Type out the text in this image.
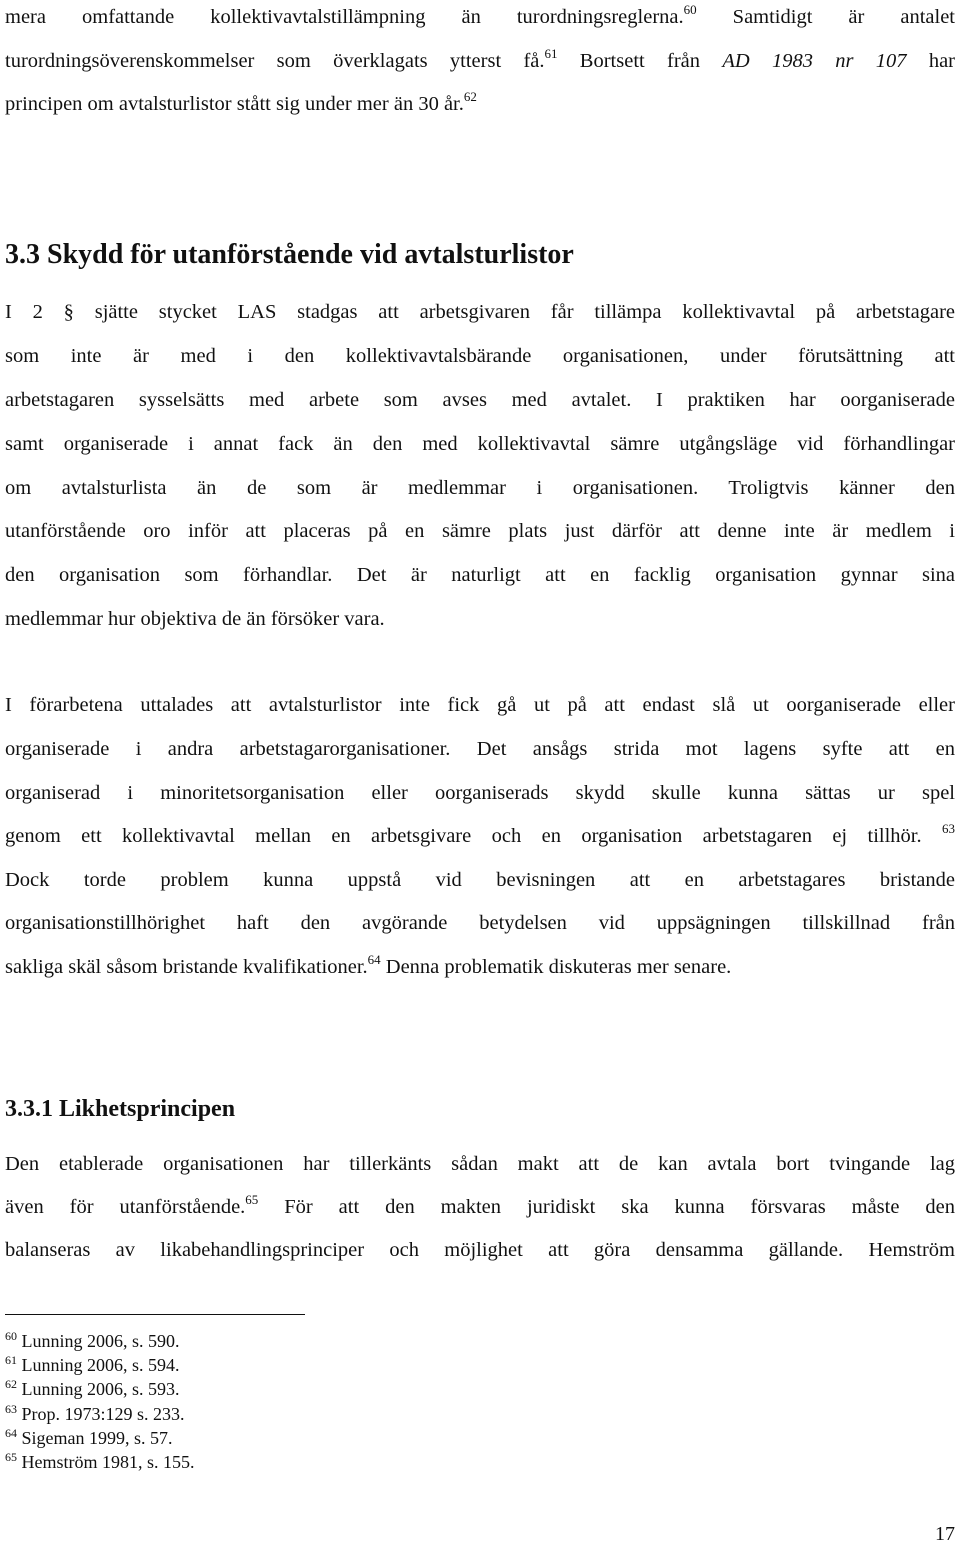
mera omfattande kollektivavtalstillämpning än turordningsreglerna.$^{60}$ Samtidigt är antalet
turordningsöverenskommelser som överklagats ytterst få.$^{61}$ Bortsett från AD 1983 nr 107 har
principen om avtalsturlistor stått sig under mer än 30 år.$^{62}$
3.3 Skydd för utanförstående vid avtalsturlistor
I 2 § sjätte stycket LAS stadgas att arbetsgivaren får tillämpa kollektivavtal på arbetstagare
som inte är med i den kollektivavtalsbärande organisationen, under förutsättning att
arbetstagaren sysselsätts med arbete som avses med avtalet. I praktiken har oorganiserade
samt organiserade i annat fack än den med kollektivavtal sämre utgångsläge vid förhandlingar
om avtalsturlista än de som är medlemmar i organisationen. Troligtvis känner den
utanförstående oro inför att placeras på en sämre plats just därför att denne inte är medlem i
den organisation som förhandlar. Det är naturligt att en facklig organisation gynnar sina
medlemmar hur objektiva de än försöker vara.
I förarbetena uttalades att avtalsturlistor inte fick gå ut på att endast slå ut oorganiserade eller
organiserade i andra arbetstagarorganisationer. Det ansågs strida mot lagens syfte att en
organiserad i minoritetsorganisation eller oorganiserads skydd skulle kunna sättas ur spel
genom ett kollektivavtal mellan en arbetsgivare och en organisation arbetstagaren ej tillhör. $^{63}$
Dock torde problem kunna uppstå vid bevisningen att en arbetstagares bristande
organisationstillhörighet haft den avgörande betydelsen vid uppsägningen tillskillnad från
sakliga skäl såsom bristande kvalifikationer.$^{64}$ Denna problematik diskuteras mer senare.
3.3.1 Likhetsprincipen
Den etablerade organisationen har tillerkänts sådan makt att de kan avtala bort tvingande lag
även för utanförstående.$^{65}$ För att den makten juridiskt ska kunna försvaras måste den
balanseras av likabehandlingsprinciper och möjlighet att göra densamma gällande. Hemström
$^{60}$ Lunning 2006, s. 590.
$^{61}$ Lunning 2006, s. 594.
$^{62}$ Lunning 2006, s. 593.
$^{63}$ Prop. 1973:129 s. 233.
$^{64}$ Sigeman 1999, s. 57.
$^{65}$ Hemström 1981, s. 155.
17
